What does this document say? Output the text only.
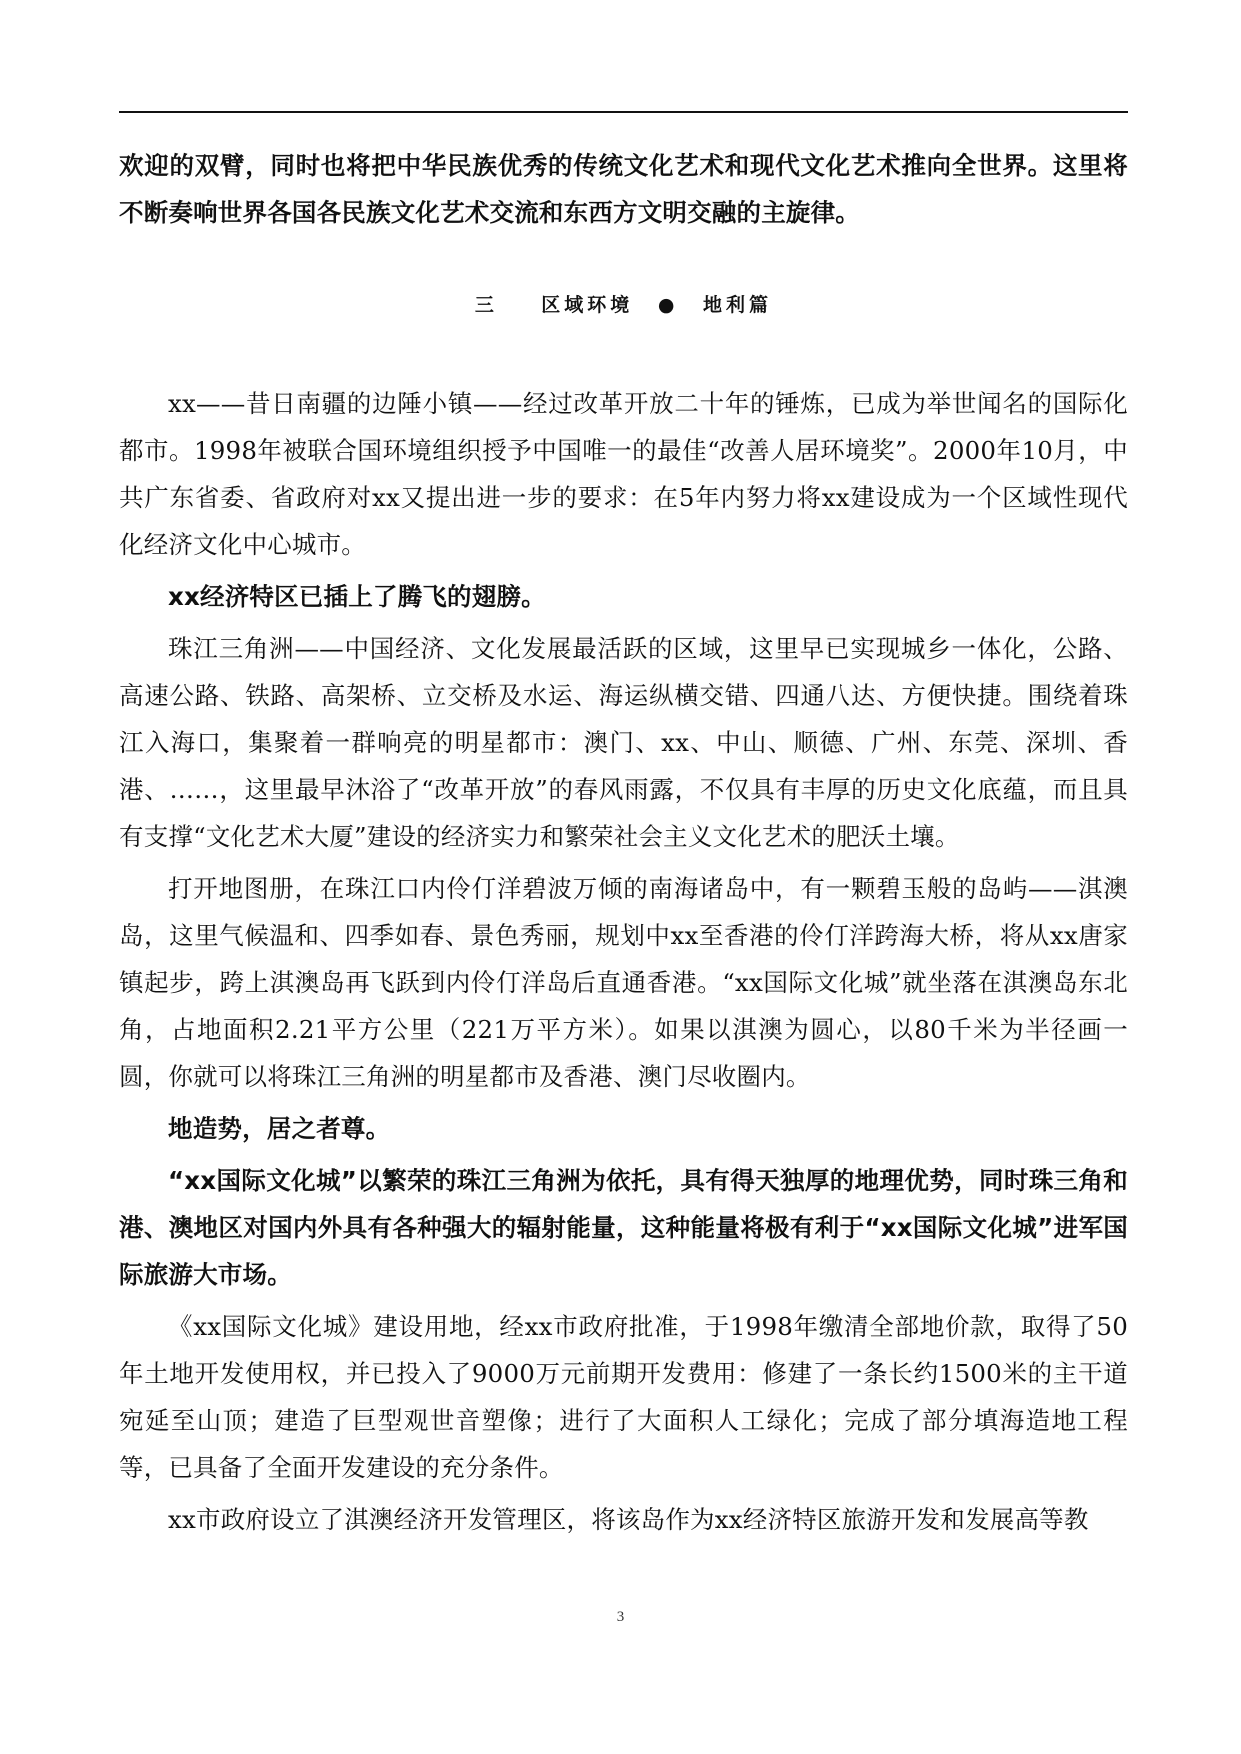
欢迎的双臂，同时也将把中华民族优秀的传统文化艺术和现代文化艺术推向全世界。这里将不断奏响世界各国各民族文化艺术交流和东西方文明交融的主旋律。

三 区域环境 ● 地利篇

xx——昔日南疆的边陲小镇——经过改革开放二十年的锤炼，已成为举世闻名的国际化都市。1998年被联合国环境组织授予中国唯一的最佳“改善人居环境奖”。2000年10月，中共广东省委、省政府对xx又提出进一步的要求：在5年内努力将xx建设成为一个区域性现代化经济文化中心城市。

xx经济特区已插上了腾飞的翅膀。

珠江三角洲——中国经济、文化发展最活跃的区域，这里早已实现城乡一体化，公路、高速公路、铁路、高架桥、立交桥及水运、海运纵横交错、四通八达、方便快捷。围绕着珠江入海口，集聚着一群响亮的明星都市：澳门、xx、中山、顺德、广州、东莞、深圳、香港、……，这里最早沐浴了“改革开放”的春风雨露，不仅具有丰厚的历史文化底蕴，而且具有支撑“文化艺术大厦”建设的经济实力和繁荣社会主义文化艺术的肥沃土壤。

打开地图册，在珠江口内伶仃洋碧波万倾的南海诸岛中，有一颗碧玉般的岛屿——淇澳岛，这里气候温和、四季如春、景色秀丽，规划中xx至香港的伶仃洋跨海大桥，将从xx唐家镇起步，跨上淇澳岛再飞跃到内伶仃洋岛后直通香港。“xx国际文化城”就坐落在淇澳岛东北角，占地面积2.21平方公里（221万平方米）。如果以淇澳为圆心，以80千米为半径画一圆，你就可以将珠江三角洲的明星都市及香港、澳门尽收圈内。

地造势，居之者尊。

“xx国际文化城”以繁荣的珠江三角洲为依托，具有得天独厚的地理优势，同时珠三角和港、澳地区对国内外具有各种强大的辐射能量，这种能量将极有利于“xx国际文化城”进军国际旅游大市场。

《xx国际文化城》建设用地，经xx市政府批准，于1998年缴清全部地价款，取得了50年土地开发使用权，并已投入了9000万元前期开发费用：修建了一条长约1500米的主干道宛延至山顶；建造了巨型观世音塑像；进行了大面积人工绿化；完成了部分填海造地工程等，已具备了全面开发建设的充分条件。

xx市政府设立了淇澳经济开发管理区，将该岛作为xx经济特区旅游开发和发展高等教

3
